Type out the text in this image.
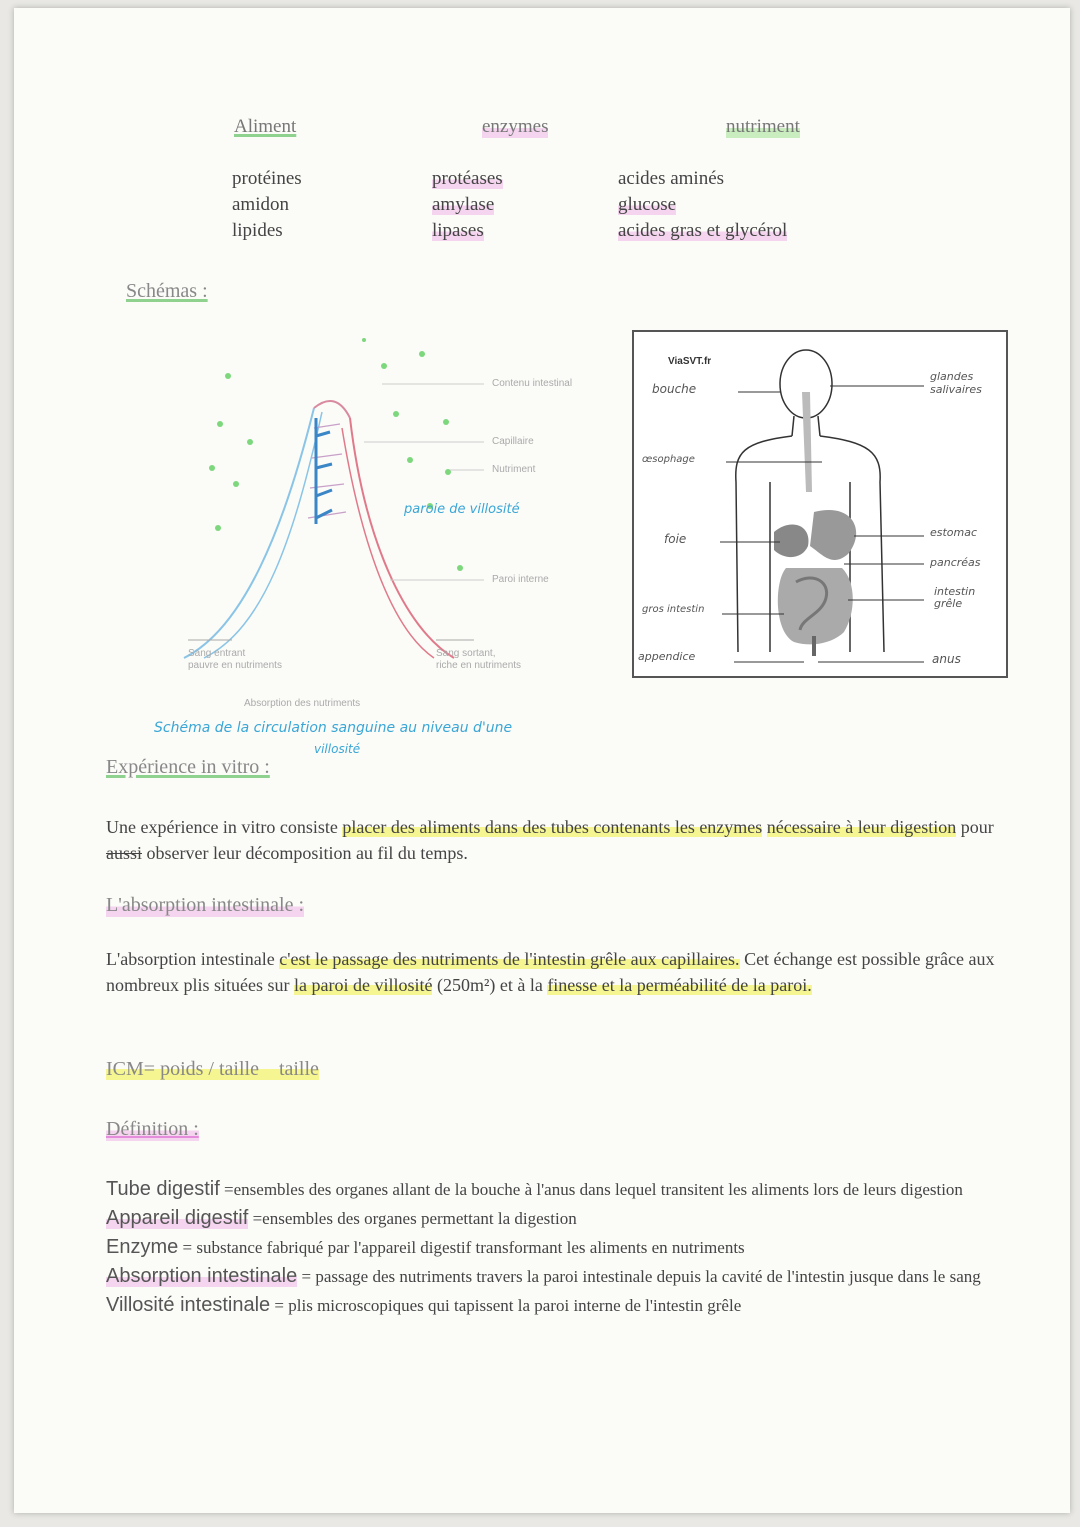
Aliment	enzymes	nutriment
protéines
amidon
lipides
protéases
amylase
lipases
acides aminés
glucose
acides gras et glycérol
Schémas :
Contenu intestinal
Capillaire
Nutriment
paroie de villosité
Paroi interne
Sang entrant
pauvre en nutriments
Sang sortant,
riche en nutriments
Absorption des nutriments
Schéma de la circulation sanguine au niveau d'une
villosité
ViaSVT.fr
bouche
œsophage
foie
gros intestin
appendice
glandes
salivaires
estomac
pancréas
intestin
grêle
anus
Expérience in vitro :
Une expérience in vitro consiste placer des aliments dans des tubes contenants les enzymes nécessaire à leur digestion pour aussi observer leur décomposition au fil du temps.
L'absorption intestinale :
L'absorption intestinale c'est le passage des nutriments de l'intestin grêle aux capillaires. Cet échange est possible grâce aux nombreux plis situées sur la paroi de villosité (250m²) et à la finesse et la perméabilité de la paroi.
ICM= poids / taille    taille
Définition :
Tube digestif =ensembles des organes allant de la bouche à l'anus dans lequel transitent les aliments lors de leurs digestion
Appareil digestif =ensembles des organes permettant la digestion
Enzyme = substance fabriqué par l'appareil digestif transformant les aliments en nutriments
Absorption intestinale = passage des nutriments travers la paroi intestinale depuis la cavité de l'intestin jusque dans le sang
Villosité intestinale = plis microscopiques qui tapissent la paroi interne de l'intestin grêle
